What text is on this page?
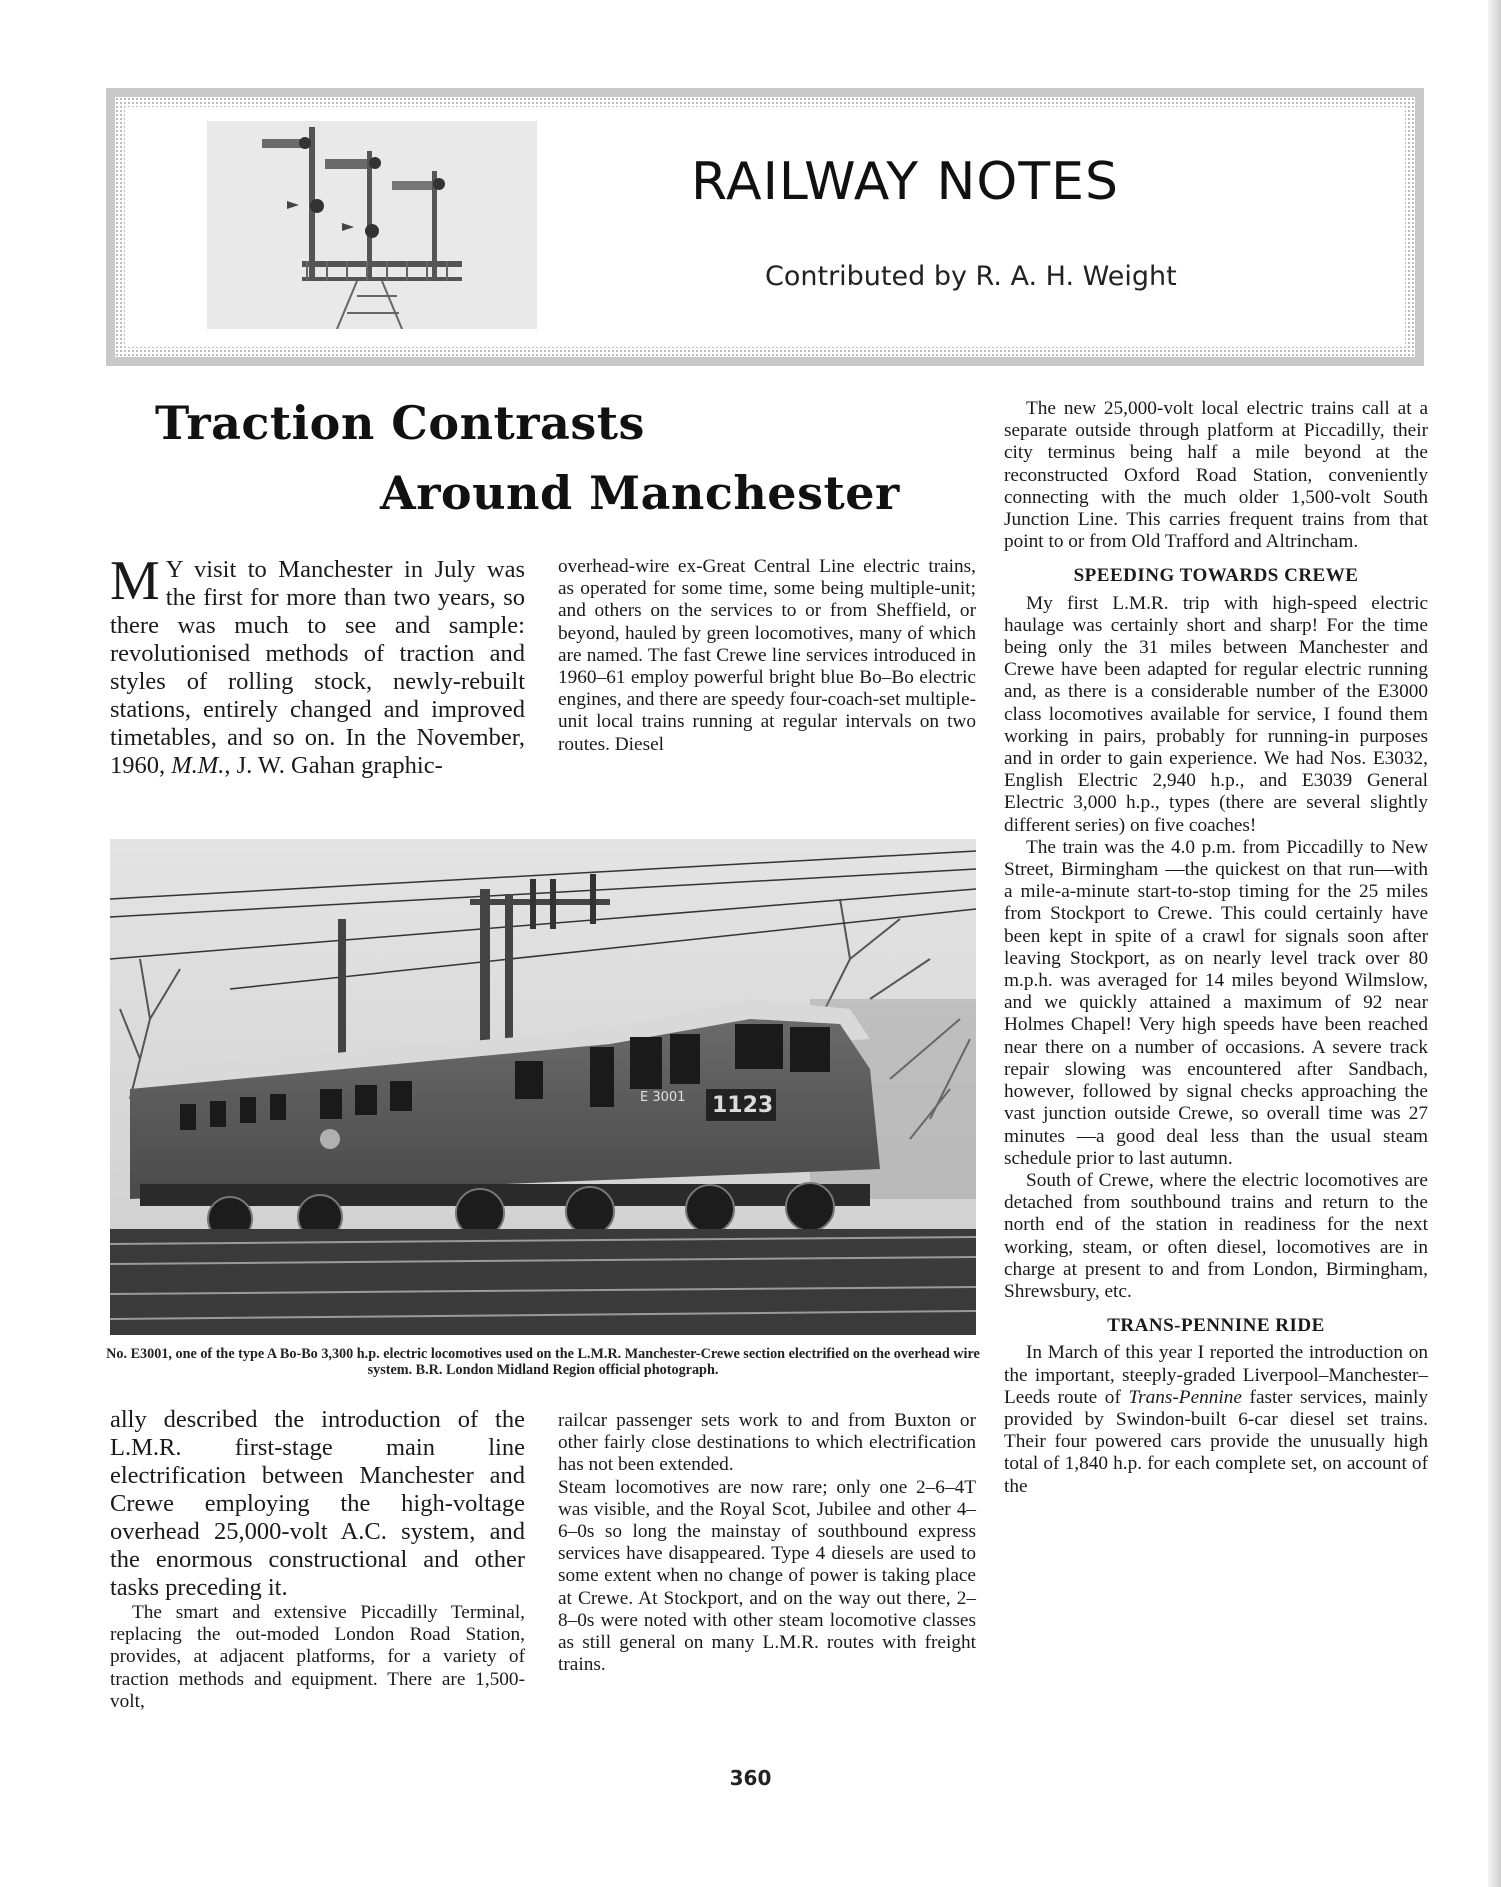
RAILWAY NOTES
Contributed by R. A. H. Weight
Traction Contrasts
Around Manchester

M Y visit to Manchester in July was the first for more than two years, so there was much to see and sample: revolutionised methods of traction and styles of rolling stock, newly-rebuilt stations, entirely changed and improved timetables, and so on. In the November, 1960, M.M., J. W. Gahan graphic-

overhead-wire ex-Great Central Line electric trains, as operated for some time, some being multiple-unit; and others on the services to or from Sheffield, or beyond, hauled by green locomotives, many of which are named. The fast Crewe line services introduced in 1960–61 employ powerful bright blue Bo–Bo electric engines, and there are speedy four-coach-set multiple-unit local trains running at regular intervals on two routes. Diesel

1123
E 3001
No. E3001, one of the type A Bo-Bo 3,300 h.p. electric locomotives used on the L.M.R. Manchester-Crewe section electrified on the overhead wire system. B.R. London Midland Region official photograph.

ally described the introduction of the L.M.R. first-stage main line electrification between Manchester and Crewe employing the high-voltage overhead 25,000-volt A.C. system, and the enormous constructional and other tasks preceding it.

The smart and extensive Piccadilly Terminal, replacing the out-moded London Road Station, provides, at adjacent platforms, for a variety of traction methods and equipment. There are 1,500-volt,

railcar passenger sets work to and from Buxton or other fairly close destinations to which electrification has not been extended.

Steam locomotives are now rare; only one 2–6–4T was visible, and the Royal Scot, Jubilee and other 4–6–0s so long the mainstay of southbound express services have disappeared. Type 4 diesels are used to some extent when no change of power is taking place at Crewe. At Stockport, and on the way out there, 2–8–0s were noted with other steam locomotive classes as still general on many L.M.R. routes with freight trains.

The new 25,000-volt local electric trains call at a separate outside through platform at Piccadilly, their city terminus being half a mile beyond at the reconstructed Oxford Road Station, conveniently connecting with the much older 1,500-volt South Junction Line. This carries frequent trains from that point to or from Old Trafford and Altrincham.

SPEEDING TOWARDS CREWE

My first L.M.R. trip with high-speed electric haulage was certainly short and sharp! For the time being only the 31 miles between Manchester and Crewe have been adapted for regular electric running and, as there is a considerable number of the E3000 class locomotives available for service, I found them working in pairs, probably for running-in purposes and in order to gain experience. We had Nos. E3032, English Electric 2,940 h.p., and E3039 General Electric 3,000 h.p., types (there are several slightly different series) on five coaches!

The train was the 4.0 p.m. from Piccadilly to New Street, Birmingham —the quickest on that run—with a mile-a-minute start-to-stop timing for the 25 miles from Stockport to Crewe. This could certainly have been kept in spite of a crawl for signals soon after leaving Stockport, as on nearly level track over 80 m.p.h. was averaged for 14 miles beyond Wilmslow, and we quickly attained a maximum of 92 near Holmes Chapel! Very high speeds have been reached near there on a number of occasions. A severe track repair slowing was encountered after Sandbach, however, followed by signal checks approaching the vast junction outside Crewe, so overall time was 27 minutes —a good deal less than the usual steam schedule prior to last autumn.

South of Crewe, where the electric locomotives are detached from southbound trains and return to the north end of the station in readiness for the next working, steam, or often diesel, locomotives are in charge at present to and from London, Birmingham, Shrewsbury, etc.

TRANS-PENNINE RIDE

In March of this year I reported the introduction on the important, steeply-graded Liverpool–Manchester–Leeds route of Trans-Pennine faster services, mainly provided by Swindon-built 6-car diesel set trains. Their four powered cars provide the unusually high total of 1,840 h.p. for each complete set, on account of the

360
